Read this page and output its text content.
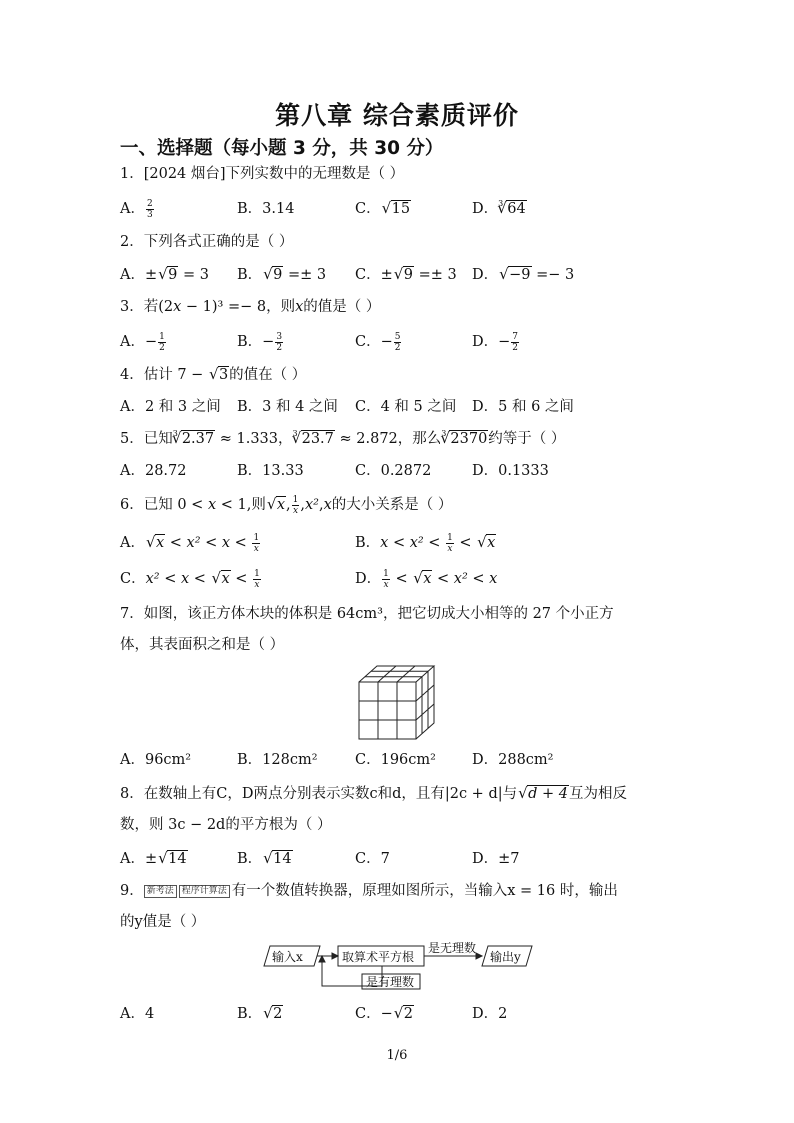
第八章 综合素质评价
一、选择题（每小题 3 分，共 30 分）
1．[2024 烟台]下列实数中的无理数是（ ）
A． $\frac{2}{3}$	B．3.14	C． √ 15	D．$^3$ √ 64
2．下列各式正确的是（ ）
A．± √ 9 = 3 B． √ 9 =± 3 C．± √ 9 =± 3 D． √ −9 =− 3
3．若(2x − 1)³ =− 8，则x的值是（ ）
A．− $\frac{1}{2}$	B．− $\frac{3}{2}$	C．− $\frac{5}{2}$	D．− $\frac{7}{2}$
4．估计 7 − √ 3的值在（ ）
A．2 和 3 之间 B．3 和 4 之间 C．4 和 5 之间 D．5 和 6 之间
5．已知$^3$ √ 2.37 ≈ 1.333，$^3$ √ 23.7 ≈ 2.872，那么$^3$ √ 2370约等于（ ）
A．28.72	B．13.33	C．0.2872	D．0.1333
6．已知 0 < x < 1,则 √ x, $\frac{1}{x} ,x^2,x$的大小关系是（ ）
A． √ $x < x^2 < x < \frac{1}{x}$	B．$x < x^2 < \frac{1}{x}$ < √ x
C．x² < x < √ $x < \frac{1}{x}$	D． $\frac{1}{x}$ < √ x < x² < x
7．如图，该正方体木块的体积是 64cm³，把它切成大小相等的 27 个小正方
体，其表面积之和是（ ）
A．96cm²	B．128cm²	C．196cm² D．288cm²
8．在数轴上有C，D两点分别表示实数c和d，且有|2c + d|与 √ d + 4互为相反
数，则 3c − 2d的平方根为（ ）
A．± √ 14	B． √ 14	C．7	D．±7
9． 新考法 程序计算法 有一个数值转换器，原理如图所示，当输入x = 16 时，输出
的y值是（ ）
输入x	取算术平方根
是无理数
输出y
是有理数
A．4	B． √ 2	C．− √ 2	D．2
1/6
